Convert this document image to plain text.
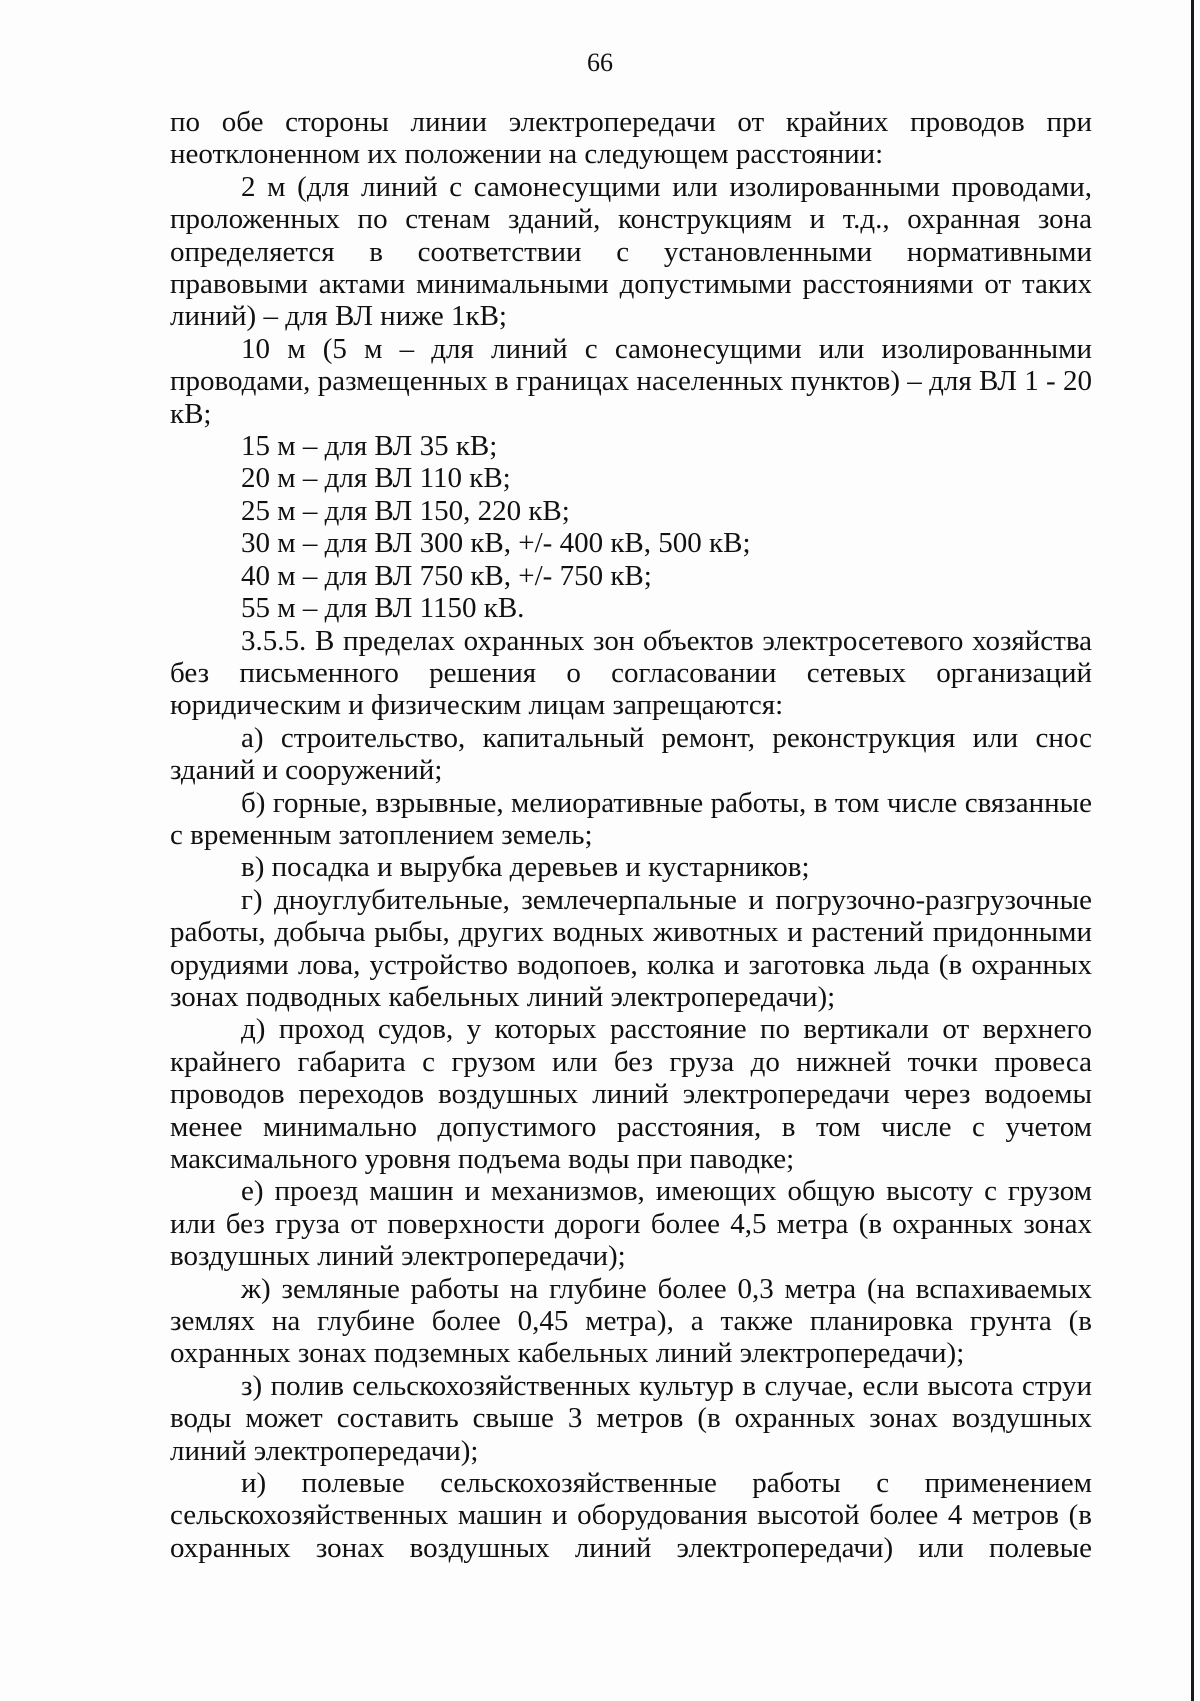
66

по обе стороны линии электропередачи от крайних проводов при неотклоненном их положении на следующем расстоянии:

2 м (для линий с самонесущими или изолированными проводами, проложенных по стенам зданий, конструкциям и т.д., охранная зона определяется в соответствии с установленными нормативными правовыми актами минимальными допустимыми расстояниями от таких линий) – для ВЛ ниже 1кВ;

10 м (5 м – для линий с самонесущими или изолированными проводами, размещенных в границах населенных пунктов) – для ВЛ 1 - 20 кВ;

15 м – для ВЛ 35 кВ;

20 м – для ВЛ 110 кВ;

25 м – для ВЛ 150, 220 кВ;

30 м – для ВЛ 300 кВ, +/- 400 кВ, 500 кВ;

40 м – для ВЛ 750 кВ, +/- 750 кВ;

55 м – для ВЛ 1150 кВ.

3.5.5. В пределах охранных зон объектов электросетевого хозяйства без письменного решения о согласовании сетевых организаций юридическим и физическим лицам запрещаются:

а) строительство, капитальный ремонт, реконструкция или снос зданий и сооружений;

б) горные, взрывные, мелиоративные работы, в том числе связанные с временным затоплением земель;

в) посадка и вырубка деревьев и кустарников;

г) дноуглубительные, землечерпальные и погрузочно-разгрузочные работы, добыча рыбы, других водных животных и растений придонными орудиями лова, устройство водопоев, колка и заготовка льда (в охранных зонах подводных кабельных линий электропередачи);

д) проход судов, у которых расстояние по вертикали от верхнего крайнего габарита с грузом или без груза до нижней точки провеса проводов переходов воздушных линий электропередачи через водоемы менее минимально допустимого расстояния, в том числе с учетом максимального уровня подъема воды при паводке;

е) проезд машин и механизмов, имеющих общую высоту с грузом или без груза от поверхности дороги более 4,5 метра (в охранных зонах воздушных линий электропередачи);

ж) земляные работы на глубине более 0,3 метра (на вспахиваемых землях на глубине более 0,45 метра), а также планировка грунта (в охранных зонах подземных кабельных линий электропередачи);

з) полив сельскохозяйственных культур в случае, если высота струи воды может составить свыше 3 метров (в охранных зонах воздушных линий электропередачи);

и) полевые сельскохозяйственные работы с применением сельскохозяйственных машин и оборудования высотой более 4 метров (в охранных зонах воздушных линий электропередачи) или полевые
